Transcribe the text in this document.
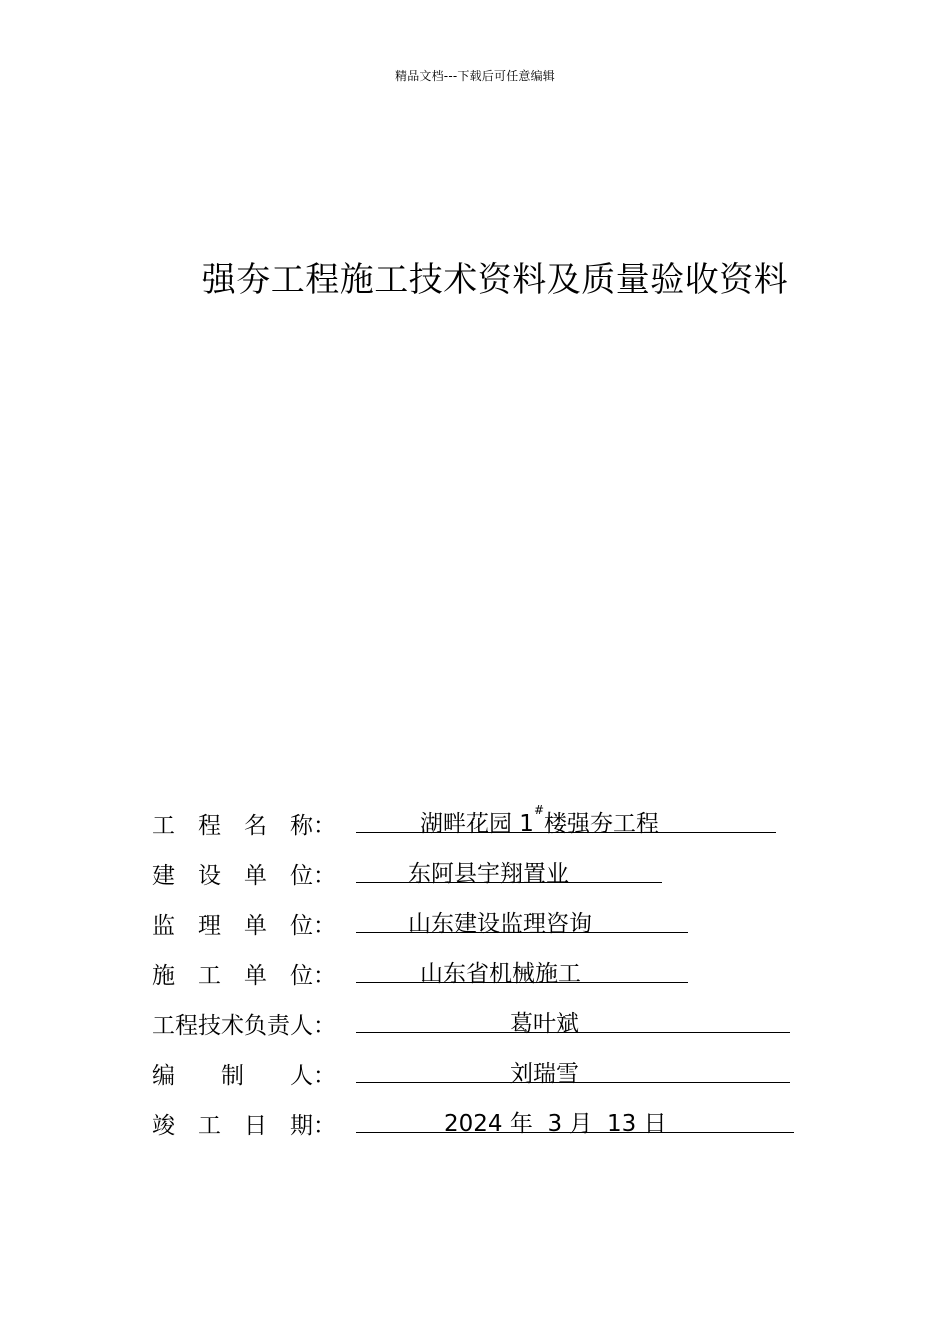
精品文档---下载后可任意编辑
强夯工程施工技术资料及质量验收资料
工　程　名　称：	湖畔花园 1#楼强夯工程
建　设　单　位：	东阿县宇翔置业
监　理　单　位：	山东建设监理咨询
施　工　单　位：	山东省机械施工
工程技术负责人：	葛叶斌
编　　制　　人：	刘瑞雪
竣　工　日　期：	2024 年  3 月  13 日
